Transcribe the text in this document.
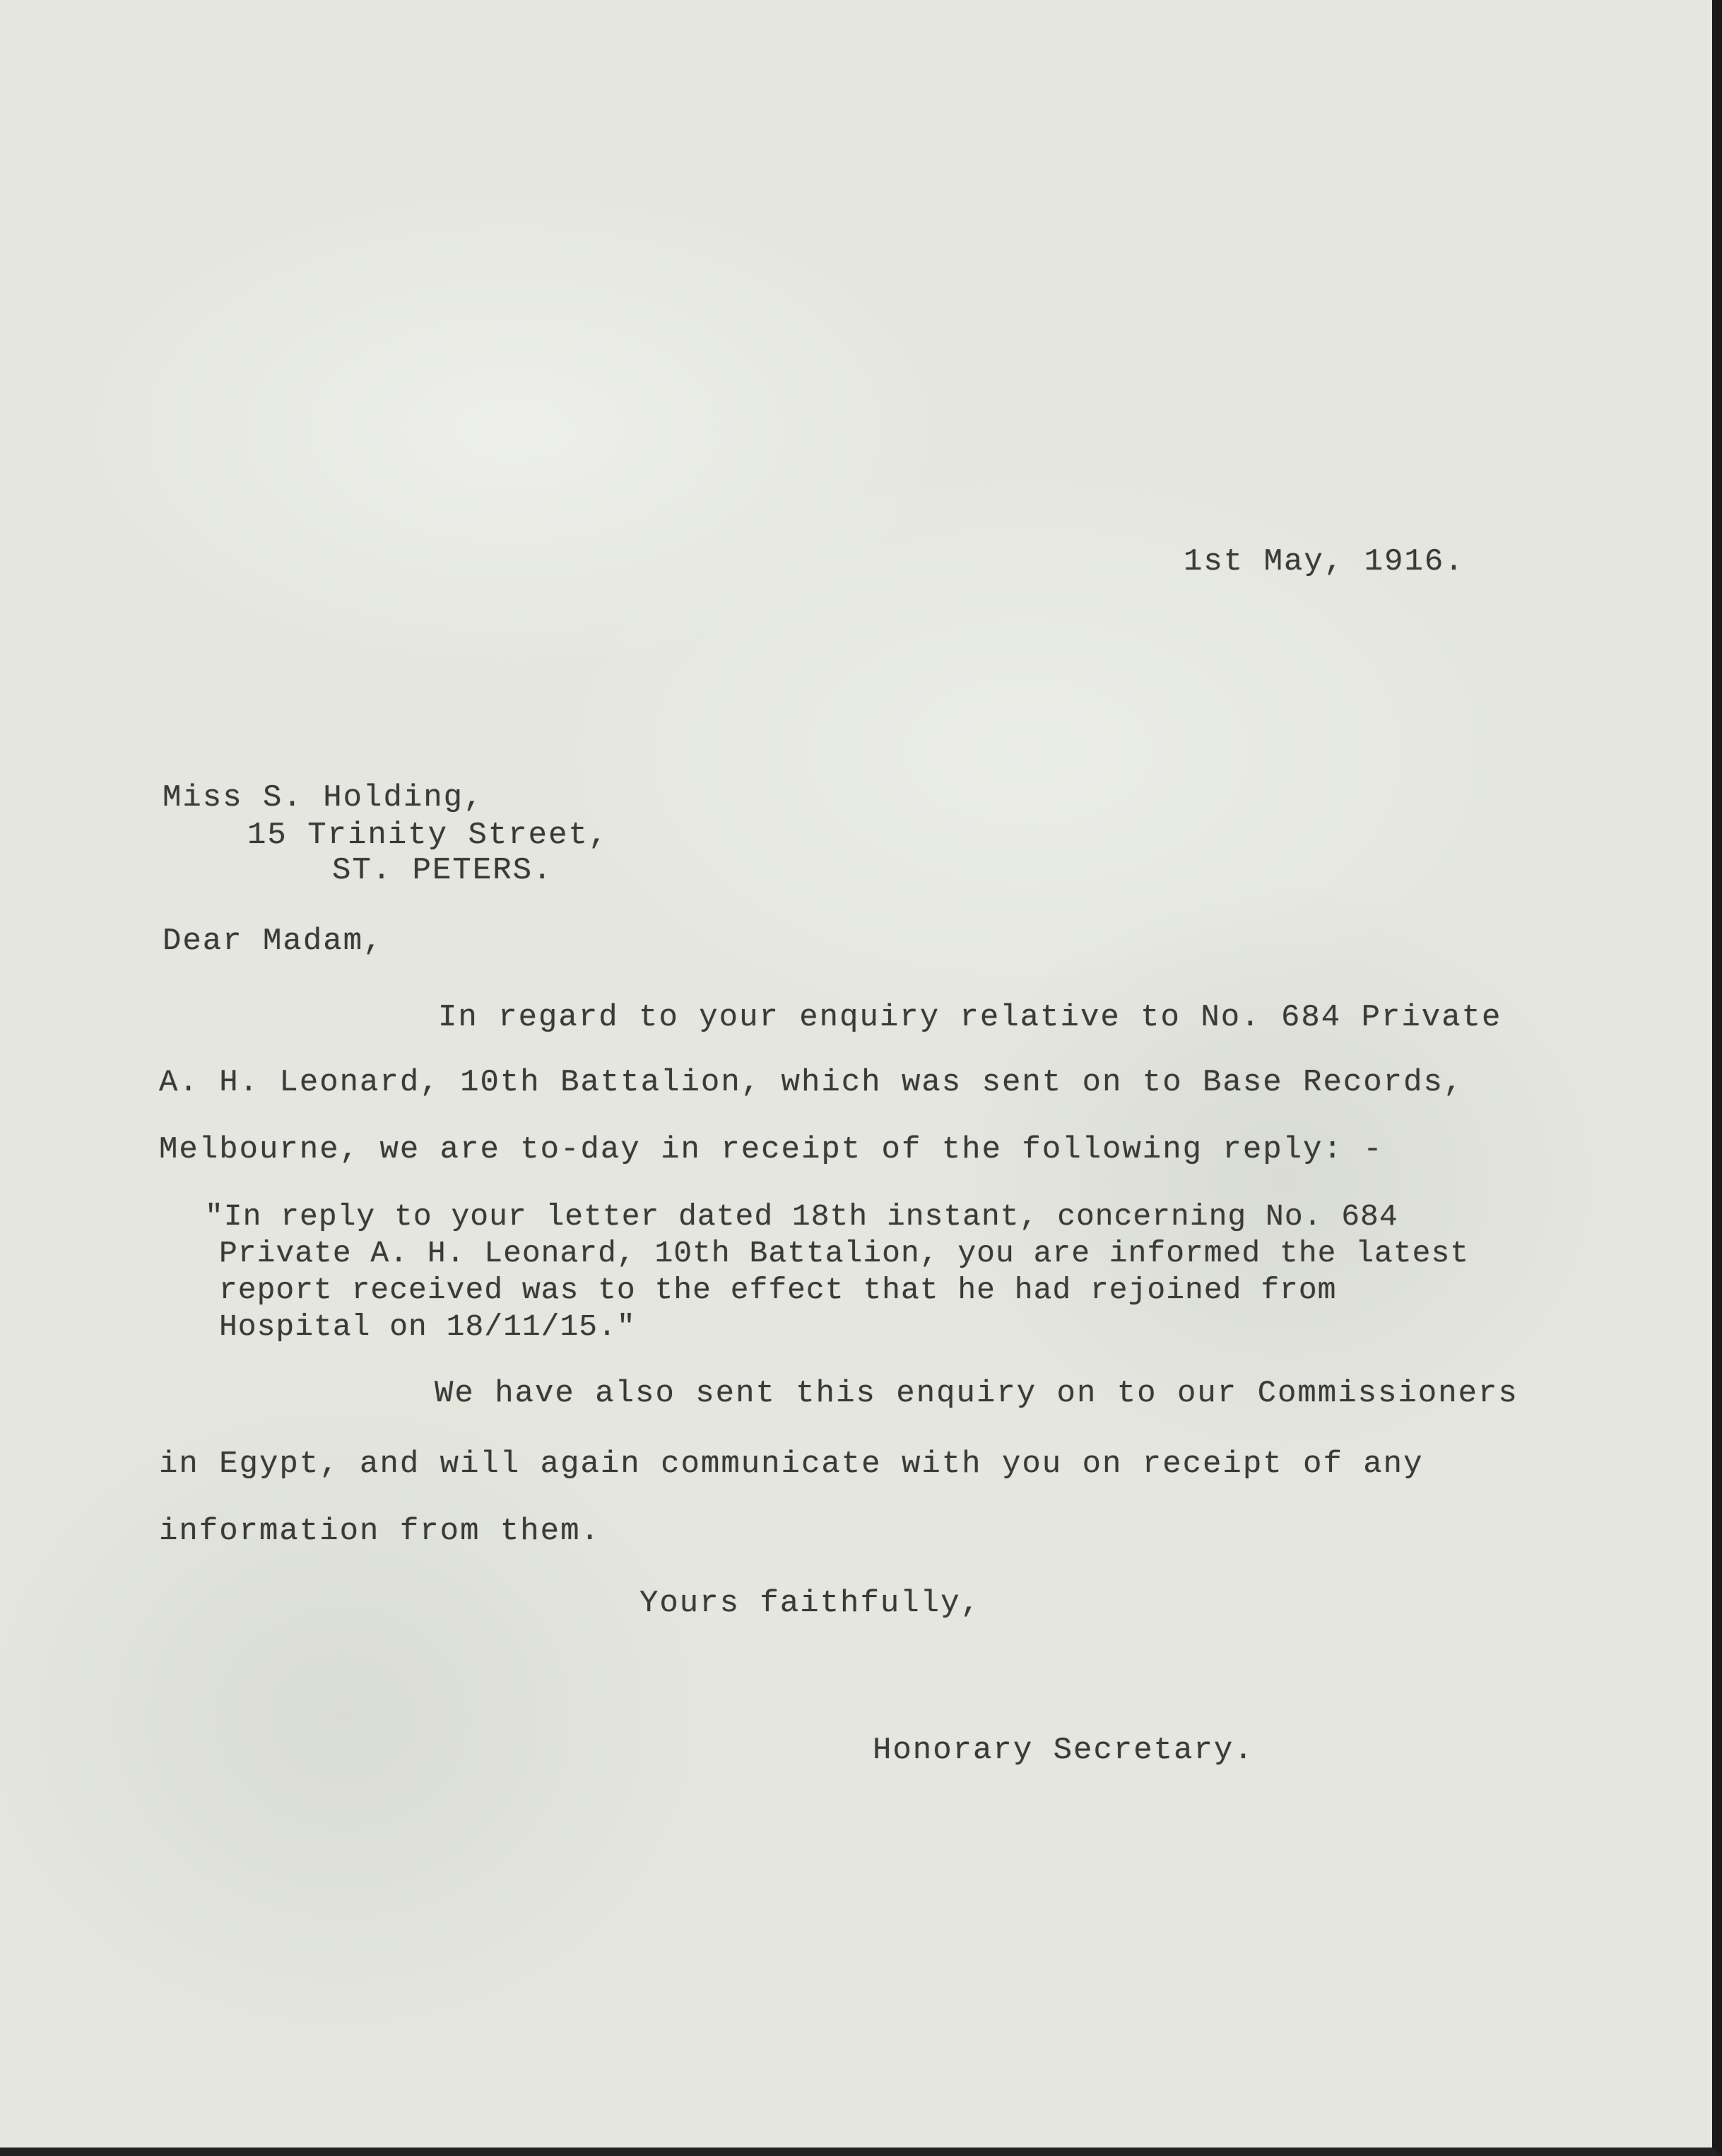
1st May, 1916.
Miss S. Holding,
15 Trinity Street,
ST. PETERS.
Dear Madam,
In regard to your enquiry relative to No. 684 Private
A. H. Leonard, 10th Battalion, which was sent on to Base Records,
Melbourne, we are to-day in receipt of the following reply: -
"In reply to your letter dated 18th instant, concerning No. 684
Private A. H. Leonard, 10th Battalion, you are informed the latest
report received was to the effect that he had rejoined from
Hospital on 18/11/15."
We have also sent this enquiry on to our Commissioners
in Egypt, and will again communicate with you on receipt of any
information from them.
Yours faithfully,
Honorary Secretary.
